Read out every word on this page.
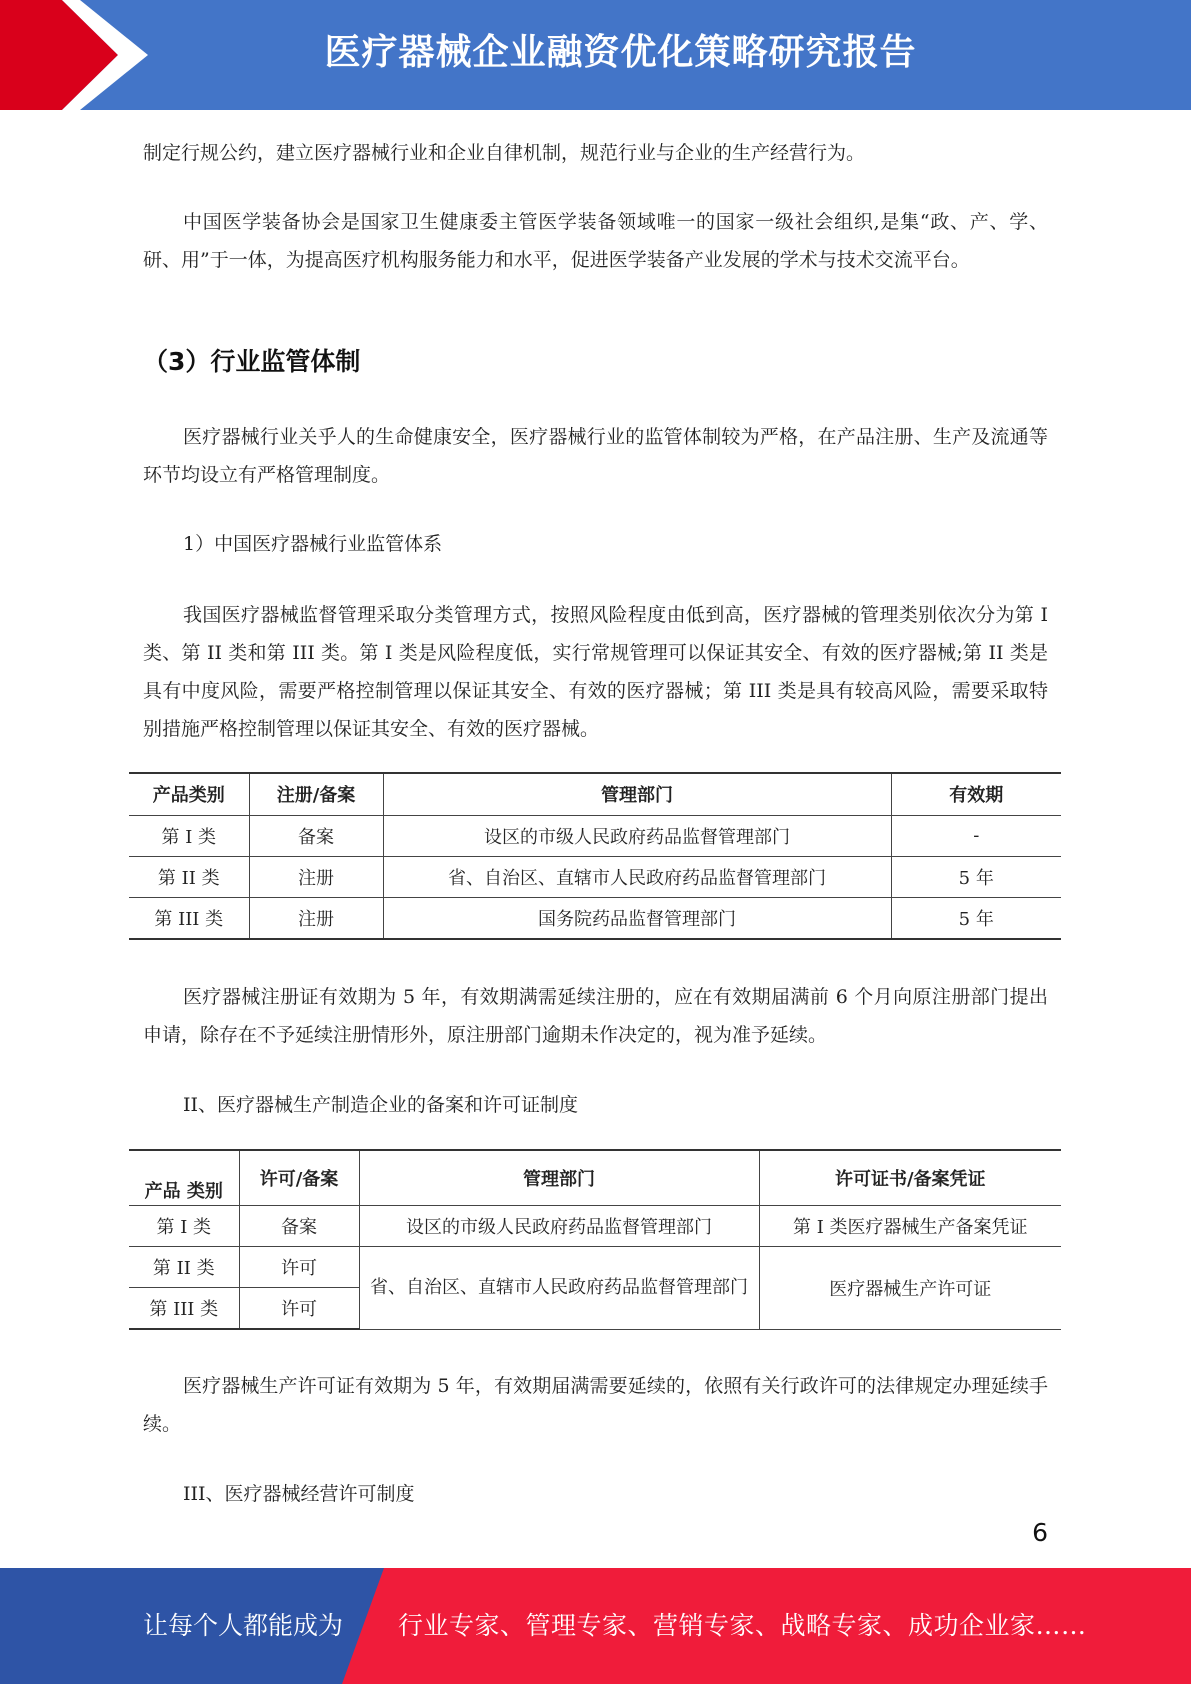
医疗器械企业融资优化策略研究报告

制定行规公约，建立医疗器械行业和企业自律机制，规范行业与企业的生产经营行为。

中国医学装备协会是国家卫生健康委主管医学装备领域唯一的国家一级社会组织,是集“政、产、学、研、用”于一体，为提高医疗机构服务能力和水平，促进医学装备产业发展的学术与技术交流平台。

（3）行业监管体制

医疗器械行业关乎人的生命健康安全，医疗器械行业的监管体制较为严格，在产品注册、生产及流通等环节均设立有严格管理制度。

1）中国医疗器械行业监管体系

我国医疗器械监督管理采取分类管理方式，按照风险程度由低到高，医疗器械的管理类别依次分为第 I 类、第 II 类和第 III 类。第 I 类是风险程度低，实行常规管理可以保证其安全、有效的医疗器械;第 II 类是具有中度风险，需要严格控制管理以保证其安全、有效的医疗器械；第 III 类是具有较高风险，需要采取特别措施严格控制管理以保证其安全、有效的医疗器械。

产品类别	注册/备案	管理部门	有效期
第 I 类	备案	设区的市级人民政府药品监督管理部门	-
第 II 类	注册	省、自治区、直辖市人民政府药品监督管理部门	5 年
第 III 类	注册	国务院药品监督管理部门	5 年

医疗器械注册证有效期为 5 年，有效期满需延续注册的，应在有效期届满前 6 个月向原注册部门提出申请，除存在不予延续注册情形外，原注册部门逾期未作决定的，视为准予延续。

II、医疗器械生产制造企业的备案和许可证制度

产品 类别	许可/备案	管理部门	许可证书/备案凭证
第 I 类	备案	设区的市级人民政府药品监督管理部门	第 I 类医疗器械生产备案凭证
第 II 类	许可	省、自治区、直辖市人民政府药品监督管理部门	医疗器械生产许可证
第 III 类	许可		

医疗器械生产许可证有效期为 5 年，有效期届满需要延续的，依照有关行政许可的法律规定办理延续手续。

III、医疗器械经营许可制度

6
让每个人都能成为 行业专家、管理专家、营销专家、战略专家、成功企业家……
